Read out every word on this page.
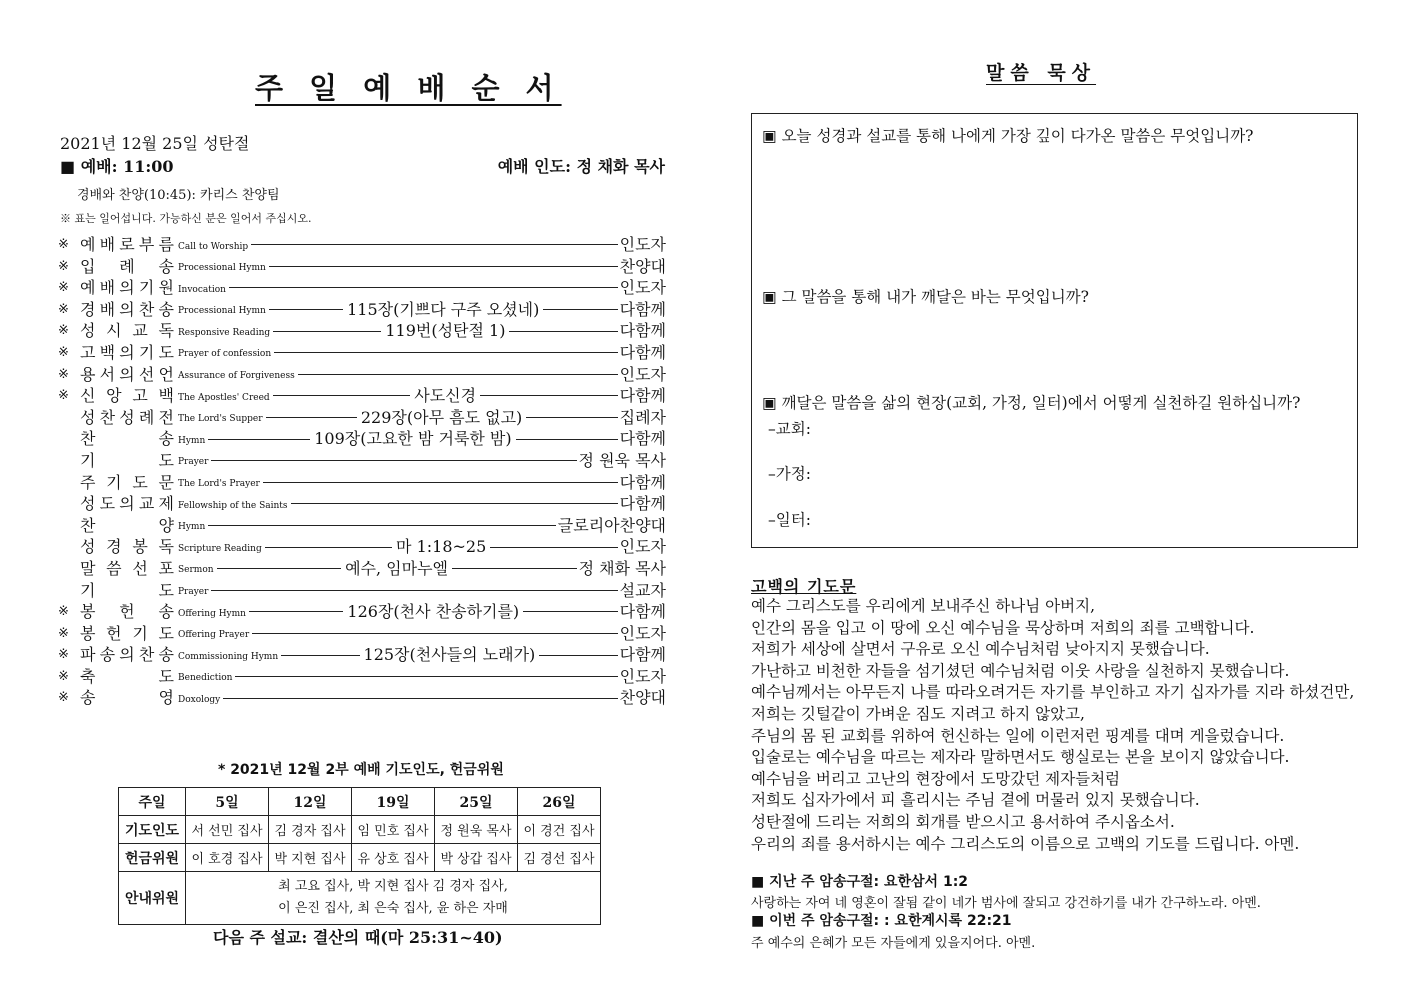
주 일 예 배 순 서
2021년 12월 25일 성탄절
■ 예배: 11:00	예배 인도: 정 채화 목사
경배와 찬양(10:45): 카리스 찬양팀
※ 표는 일어섭니다. 가능하신 분은 일어서 주십시오.
※ 예 배 로 부 름 Call to Worship	인도자
※ 입 례 송 Processional Hymn	찬양대
※ 예 배 의 기 원 Invocation	인도자
※ 경 배 의 찬 송 Processional Hymn	115장(기쁘다 구주 오셨네)	다함께
※ 성 시 교 독 Responsive Reading	119번(성탄절 1)	다함께
※ 고 백 의 기 도 Prayer of confession	다함께
※ 용 서 의 선 언 Assurance of Forgiveness	인도자
※ 신 앙 고 백 The Apostles' Creed	사도신경	다함께
성 찬 성 례 전 The Lord's Supper	229장(아무 흠도 없고)	집례자
찬	송 Hymn	109장(고요한 밤 거룩한 밤)	다함께
기	도 Prayer	정 원욱 목사
주 기 도 문 The Lord's Prayer	다함께
성 도 의 교 제 Fellowship of the Saints	다함께
찬	양 Hymn	글로리아찬양대
성 경 봉 독 Scripture Reading	마 1:18~25	인도자
말 씀 선 포 Sermon	예수, 임마누엘	정 채화 목사
기	도 Prayer	설교자
※ 봉 헌 송 Offering Hymn	126장(천사 찬송하기를)	다함께
※ 봉 헌 기 도 Offering Prayer	인도자
※ 파 송 의 찬 송 Commissioning Hymn	125장(천사들의 노래가)	다함께
※ 축	도 Benediction	인도자
※ 송	영 Doxology	찬양대
* 2021년 12월 2부 예배 기도인도, 헌금위원
주일	5일	12일	19일	25일	26일
기도인도	서 선민 집사	김 경자 집사	임 민호 집사	정 원욱 목사	이 경건 집사
헌금위원	이 호경 집사	박 지현 집사	유 상호 집사	박 상갑 집사	김 경선 집사
안내위원	최 고요 집사, 박 지현 집사 김 경자 집사,
이 은진 집사, 최 은숙 집사, 윤 하은 자매				
다음 주 설교: 결산의 때(마 25:31~40)
말씀 묵상
▣ 오늘 성경과 설교를 통해 나에게 가장 깊이 다가온 말씀은 무엇입니까?
▣ 그 말씀을 통해 내가 깨달은 바는 무엇입니까?
▣ 깨달은 말씀을 삶의 현장(교회, 가정, 일터)에서 어떻게 실천하길 원하십니까?
–교회:
–가정:
–일터:
고백의 기도문
예수 그리스도를 우리에게 보내주신 하나님 아버지,
인간의 몸을 입고 이 땅에 오신 예수님을 묵상하며 저희의 죄를 고백합니다.
저희가 세상에 살면서 구유로 오신 예수님처럼 낮아지지 못했습니다.
가난하고 비천한 자들을 섬기셨던 예수님처럼 이웃 사랑을 실천하지 못했습니다.
예수님께서는 아무든지 나를 따라오려거든 자기를 부인하고 자기 십자가를 지라 하셨건만,
저희는 깃털같이 가벼운 짐도 지려고 하지 않았고,
주님의 몸 된 교회를 위하여 헌신하는 일에 이런저런 핑계를 대며 게을렀습니다.
입술로는 예수님을 따르는 제자라 말하면서도 행실로는 본을 보이지 않았습니다.
예수님을 버리고 고난의 현장에서 도망갔던 제자들처럼
저희도 십자가에서 피 흘리시는 주님 곁에 머물러 있지 못했습니다.
성탄절에 드리는 저희의 회개를 받으시고 용서하여 주시옵소서.
우리의 죄를 용서하시는 예수 그리스도의 이름으로 고백의 기도를 드립니다. 아멘.
■ 지난 주 암송구절: 요한삼서 1:2
사랑하는 자여 네 영혼이 잘됨 같이 네가 범사에 잘되고 강건하기를 내가 간구하노라. 아멘.
■ 이번 주 암송구절: : 요한계시록 22:21
주 예수의 은혜가 모든 자들에게 있을지어다. 아멘.
